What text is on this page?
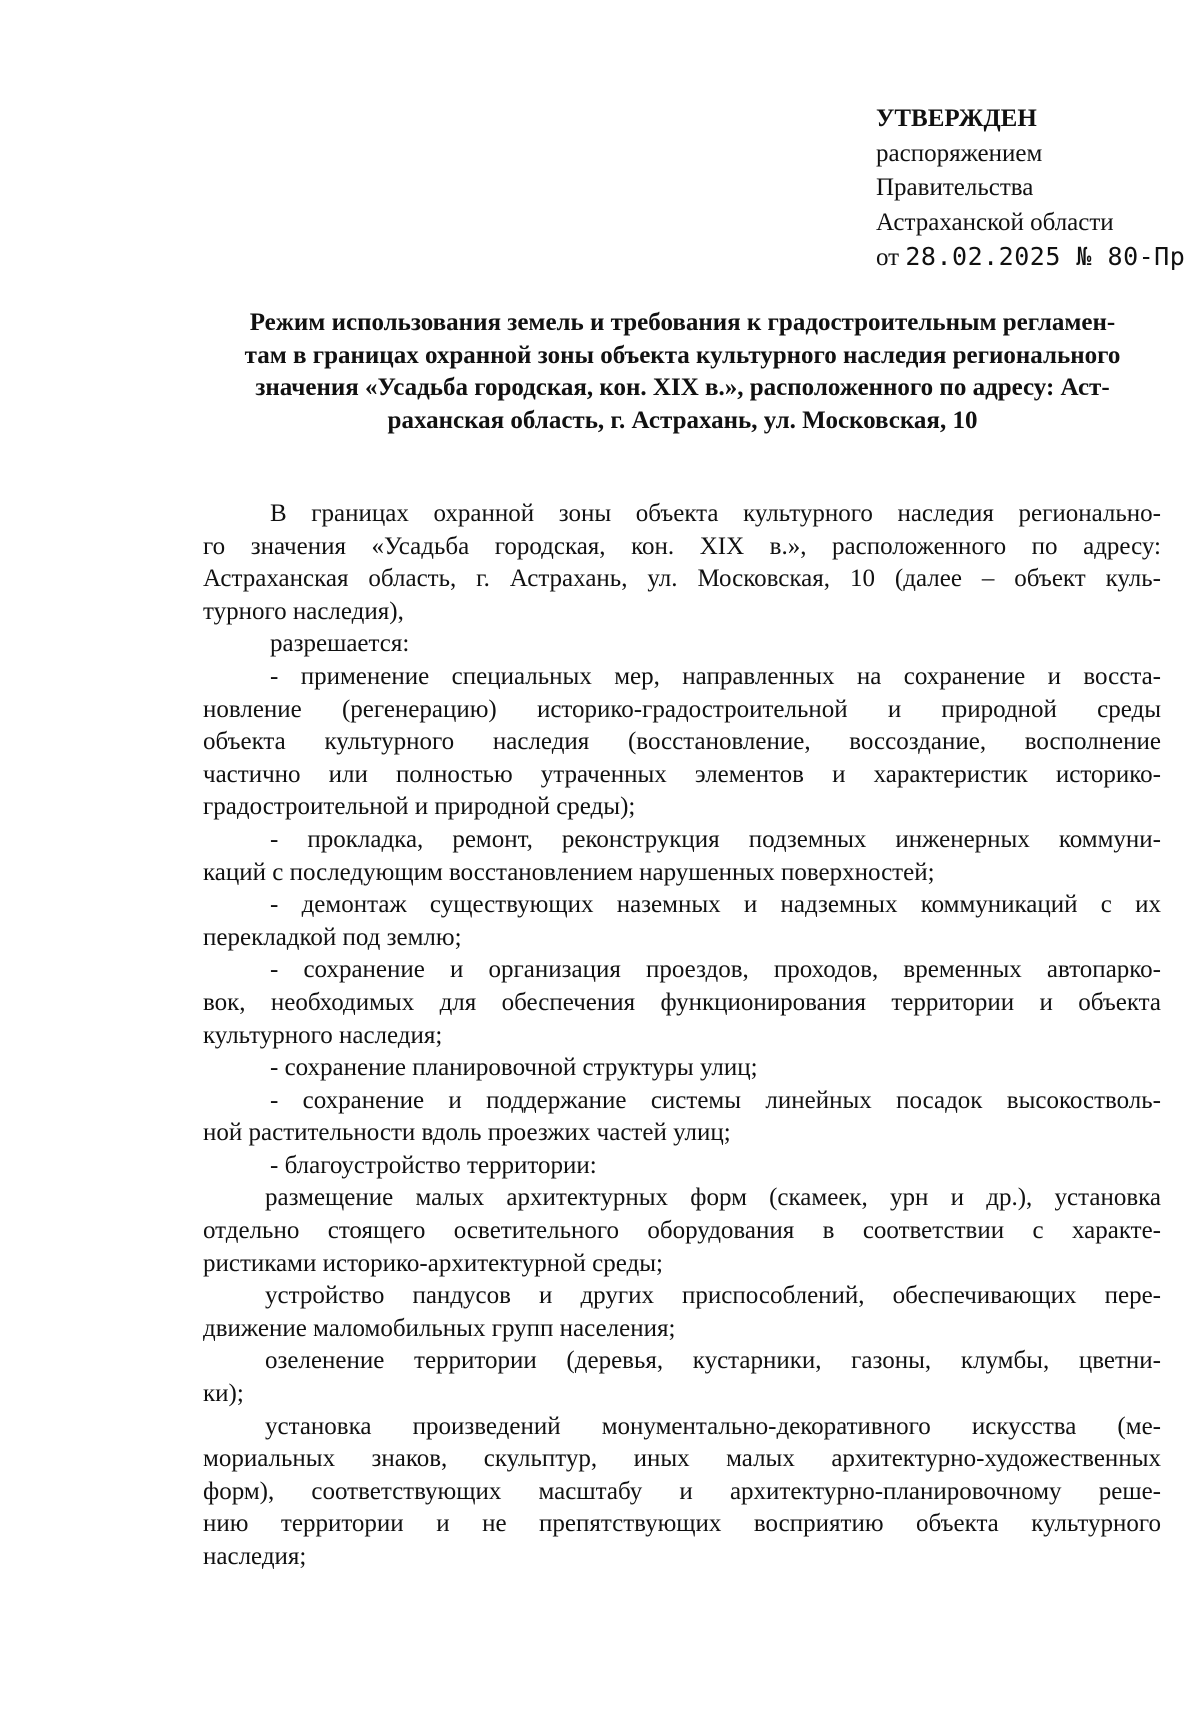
УТВЕРЖДЕН
распоряжением
Правительства
Астраханской области
от 28.02.2025 № 80-Пр
Режим использования земель и требования к градостроительным регламен-
там в границах охранной зоны объекта культурного наследия регионального
значения «Усадьба городская, кон. XIX в.», расположенного по адресу: Аст-
раханская область, г. Астрахань, ул. Московская, 10
В границах охранной зоны объекта культурного наследия регионально-
го значения «Усадьба городская, кон. XIX в.», расположенного по адресу:
Астраханская область, г. Астрахань, ул. Московская, 10 (далее – объект куль-
турного наследия),
разрешается:
- применение специальных мер, направленных на сохранение и восста-
новление (регенерацию) историко-градостроительной и природной среды
объекта культурного наследия (восстановление, воссоздание, восполнение
частично или полностью утраченных элементов и характеристик историко-
градостроительной и природной среды);
- прокладка, ремонт, реконструкция подземных инженерных коммуни-
каций с последующим восстановлением нарушенных поверхностей;
- демонтаж существующих наземных и надземных коммуникаций с их
перекладкой под землю;
- сохранение и организация проездов, проходов, временных автопарко-
вок, необходимых для обеспечения функционирования территории и объекта
культурного наследия;
- сохранение планировочной структуры улиц;
- сохранение и поддержание системы линейных посадок высокостволь-
ной растительности вдоль проезжих частей улиц;
- благоустройство территории:
размещение малых архитектурных форм (скамеек, урн и др.), установка
отдельно стоящего осветительного оборудования в соответствии с характе-
ристиками историко-архитектурной среды;
устройство пандусов и других приспособлений, обеспечивающих пере-
движение маломобильных групп населения;
озеленение территории (деревья, кустарники, газоны, клумбы, цветни-
ки);
установка произведений монументально-декоративного искусства (ме-
мориальных знаков, скульптур, иных малых архитектурно-художественных
форм), соответствующих масштабу и архитектурно-планировочному реше-
нию территории и не препятствующих восприятию объекта культурного
наследия;
